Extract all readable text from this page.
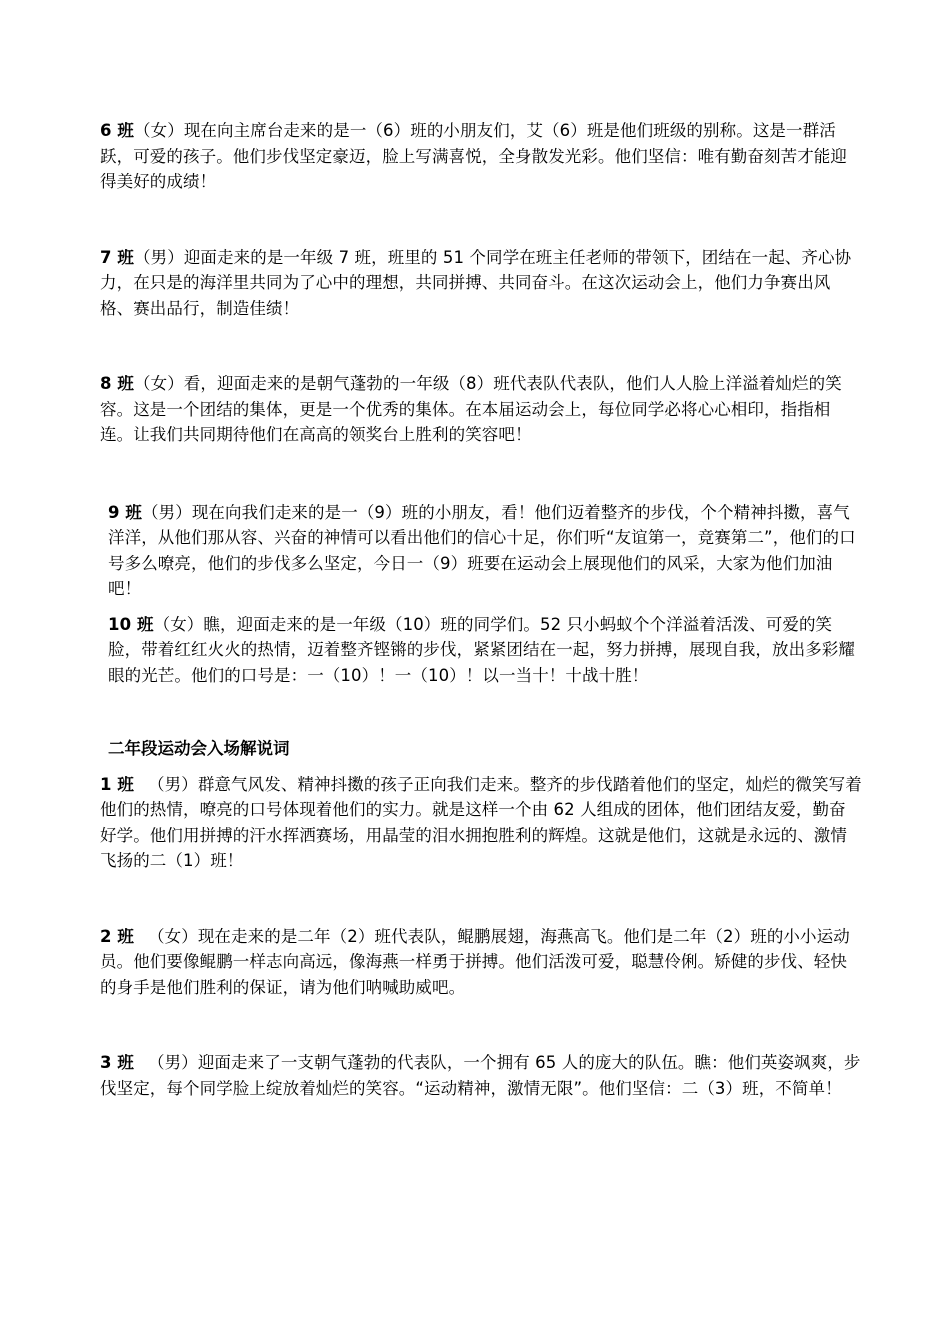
6 班（女）现在向主席台走来的是一（6）班的小朋友们，艾（6）班是他们班级的别称。这是一群活跃，可爱的孩子。他们步伐坚定豪迈，脸上写满喜悦，全身散发光彩。他们坚信：唯有勤奋刻苦才能迎得美好的成绩！

7 班（男）迎面走来的是一年级 7 班，班里的 51 个同学在班主任老师的带领下，团结在一起、齐心协力，在只是的海洋里共同为了心中的理想，共同拼搏、共同奋斗。在这次运动会上，他们力争赛出风格、赛出品行，制造佳绩！

8 班（女）看，迎面走来的是朝气蓬勃的一年级（8）班代表队代表队，他们人人脸上洋溢着灿烂的笑容。这是一个团结的集体，更是一个优秀的集体。在本届运动会上，每位同学必将心心相印，指指相连。让我们共同期待他们在高高的领奖台上胜利的笑容吧！

9 班（男）现在向我们走来的是一（9）班的小朋友，看！他们迈着整齐的步伐，个个精神抖擞，喜气洋洋，从他们那从容、兴奋的神情可以看出他们的信心十足，你们听“友谊第一，竞赛第二”，他们的口号多么嘹亮，他们的步伐多么坚定，今日一（9）班要在运动会上展现他们的风采，大家为他们加油吧！

10 班（女）瞧，迎面走来的是一年级（10）班的同学们。52 只小蚂蚁个个洋溢着活泼、可爱的笑脸，带着红红火火的热情，迈着整齐铿锵的步伐，紧紧团结在一起，努力拼搏，展现自我，放出多彩耀眼的光芒。他们的口号是：一（10）！一（10）！以一当十！十战十胜！

二年段运动会入场解说词

1 班 （男）群意气风发、精神抖擞的孩子正向我们走来。整齐的步伐踏着他们的坚定，灿烂的微笑写着他们的热情，嘹亮的口号体现着他们的实力。就是这样一个由 62 人组成的团体，他们团结友爱，勤奋好学。他们用拼搏的汗水挥洒赛场，用晶莹的泪水拥抱胜利的辉煌。这就是他们，这就是永远的、激情飞扬的二（1）班！

2 班 （女）现在走来的是二年（2）班代表队，鲲鹏展翅，海燕高飞。他们是二年（2）班的小小运动员。他们要像鲲鹏一样志向高远，像海燕一样勇于拼搏。他们活泼可爱，聪慧伶俐。矫健的步伐、轻快的身手是他们胜利的保证，请为他们呐喊助威吧。

3 班 （男）迎面走来了一支朝气蓬勃的代表队，一个拥有 65 人的庞大的队伍。瞧：他们英姿飒爽，步伐坚定，每个同学脸上绽放着灿烂的笑容。“运动精神，激情无限”。他们坚信：二（3）班，不简单！
